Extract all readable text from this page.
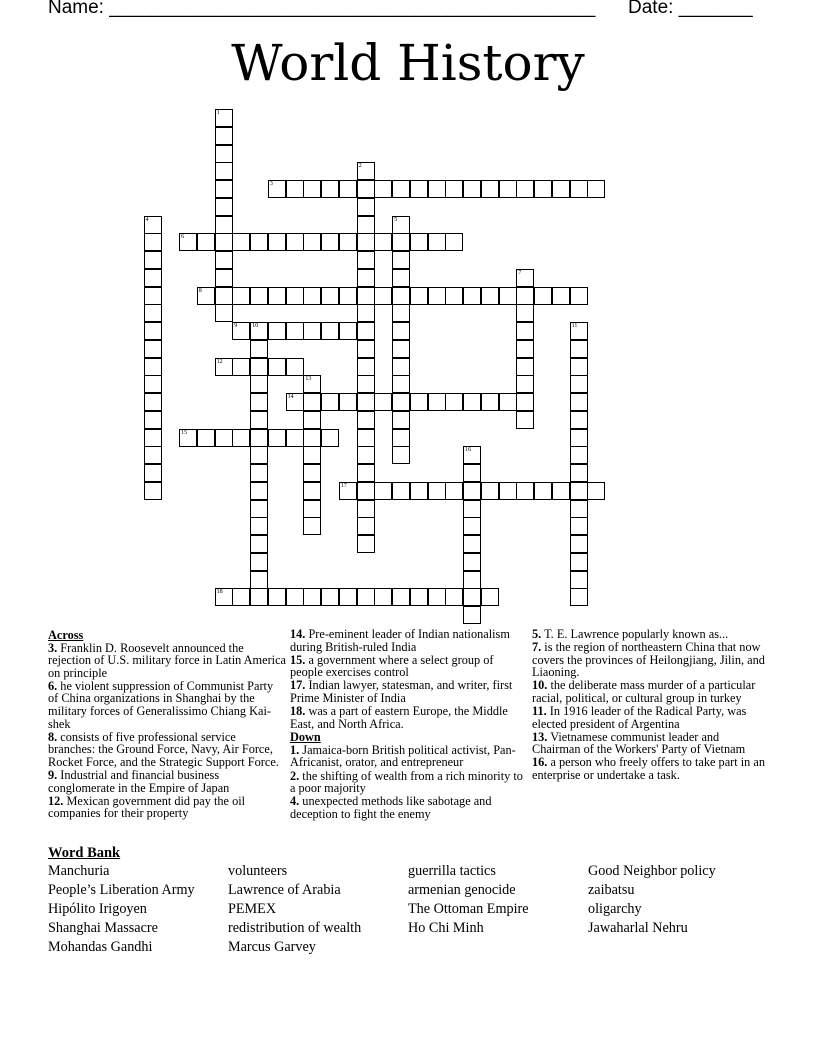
Name: ______________________________________________ Date: _______
World History
1
2
3
4	5
6
7
8
9 10	11
12
13
14
15
16
17
18
Across
3. Franklin D. Roosevelt announced the rejection of U.S. military force in Latin America on principle
6. he violent suppression of Communist Party of China organizations in Shanghai by the military forces of Generalissimo Chiang Kai-shek
8. consists of five professional service branches: the Ground Force, Navy, Air Force, Rocket Force, and the Strategic Support Force.
9. Industrial and financial business conglomerate in the Empire of Japan
12. Mexican government did pay the oil companies for their property
14. Pre-eminent leader of Indian nationalism during British-ruled India
15. a government where a select group of people exercises control
17. Indian lawyer, statesman, and writer, first Prime Minister of India
18. was a part of eastern Europe, the Middle East, and North Africa.
Down
1. Jamaica-born British political activist, Pan-Africanist, orator, and entrepreneur
2. the shifting of wealth from a rich minority to a poor majority
4. unexpected methods like sabotage and deception to fight the enemy
5. T. E. Lawrence popularly known as...
7. is the region of northeastern China that now covers the provinces of Heilongjiang, Jilin, and Liaoning.
10. the deliberate mass murder of a particular racial, political, or cultural group in turkey
11. In 1916 leader of the Radical Party, was elected president of Argentina
13. Vietnamese communist leader and Chairman of the Workers' Party of Vietnam
16. a person who freely offers to take part in an enterprise or undertake a task.
Word Bank
Manchuria
People’s Liberation Army
Hipólito Irigoyen
Shanghai Massacre
Mohandas Gandhi
volunteers
Lawrence of Arabia
PEMEX
redistribution of wealth
Marcus Garvey
guerrilla tactics
armenian genocide
The Ottoman Empire
Ho Chi Minh
Good Neighbor policy
zaibatsu
oligarchy
Jawaharlal Nehru
